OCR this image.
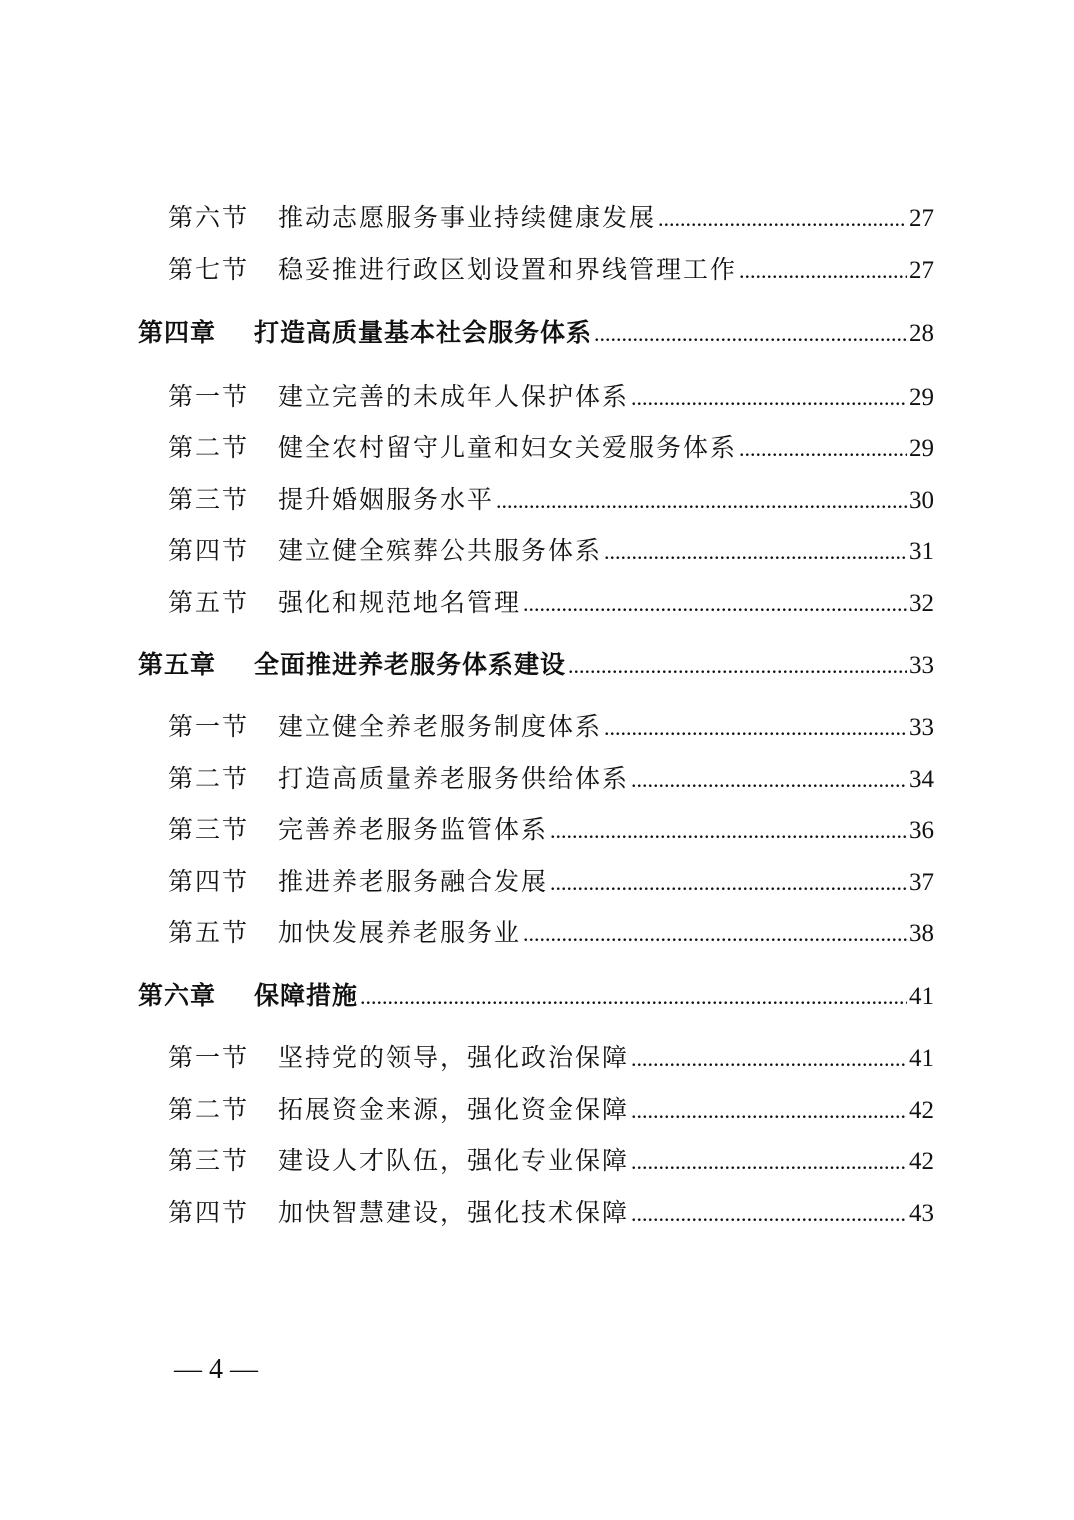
第六节	推动志愿服务事业持续健康发展 .....	27
第七节	稳妥推进行政区划设置和界线管理工作 .....	27
第四章	打造高质量基本社会服务体系 .....	28
第一节	建立完善的未成年人保护体系 .....	29
第二节	健全农村留守儿童和妇女关爱服务体系 .....	29
第三节	提升婚姻服务水平 .....	30
第四节	建立健全殡葬公共服务体系 .....	31
第五节	强化和规范地名管理 .....	32
第五章	全面推进养老服务体系建设 .....	33
第一节	建立健全养老服务制度体系 .....	33
第二节	打造高质量养老服务供给体系 .....	34
第三节	完善养老服务监管体系 .....	36
第四节	推进养老服务融合发展 .....	37
第五节	加快发展养老服务业 .....	38
第六章	保障措施 .....	41
第一节	坚持党的领导，强化政治保障 .....	41
第二节	拓展资金来源，强化资金保障 .....	42
第三节	建设人才队伍，强化专业保障 .....	42
第四节	加快智慧建设，强化技术保障 .....	43
— 4 —
